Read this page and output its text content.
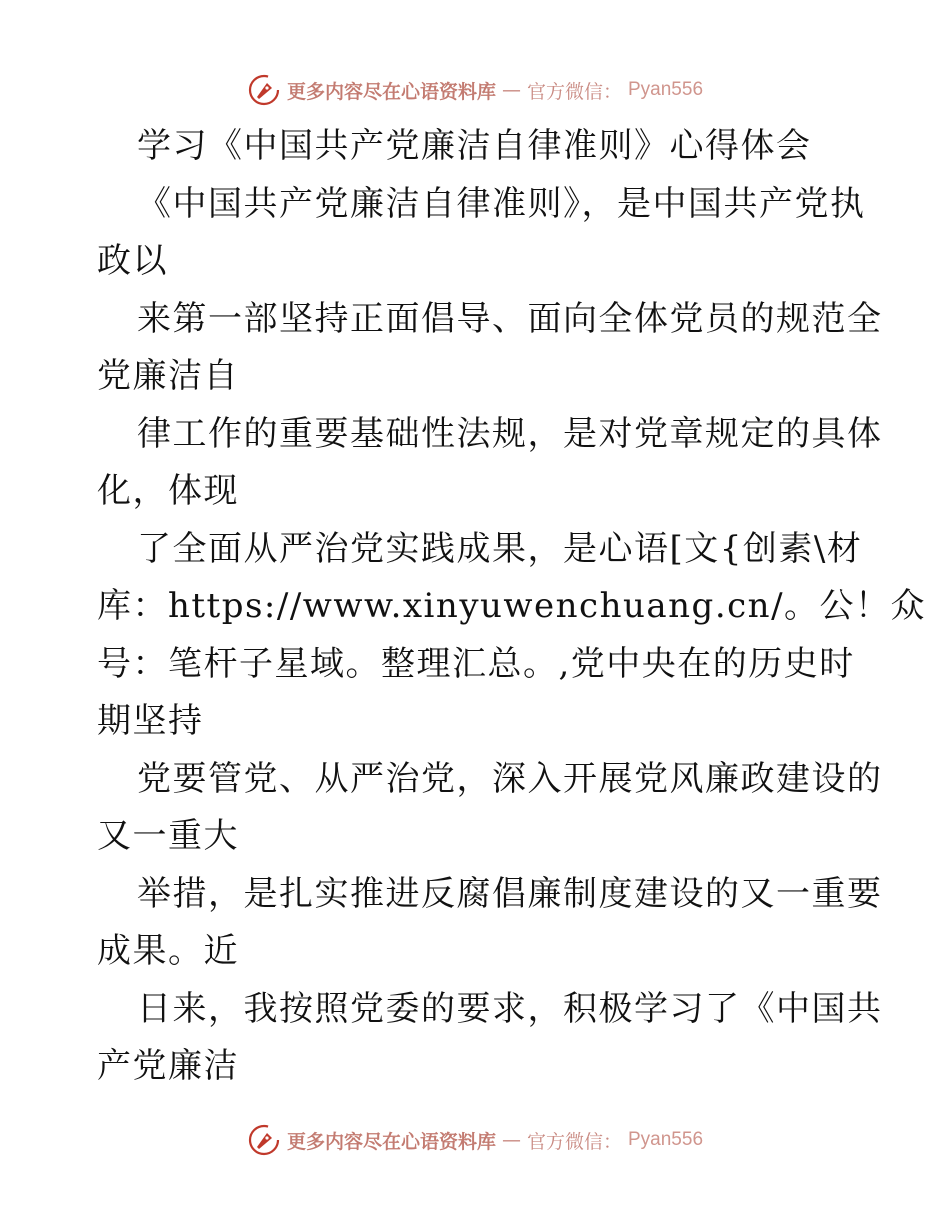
更多内容尽在心语资料库 — 官方微信： Pyan556
学习《中国共产党廉洁自律准则》心得体会
《中国共产党廉洁自律准则》，是中国共产党执
政以
来第一部坚持正面倡导、面向全体党员的规范全
党廉洁自
律工作的重要基础性法规，是对党章规定的具体
化，体现
了全面从严治党实践成果，是心语[文{创素\材
库：https://www.xinyuwenchuang.cn/。公！众
号：笔杆子星域。整理汇总。,党中央在的历史时
期坚持
党要管党、从严治党，深入开展党风廉政建设的
又一重大
举措，是扎实推进反腐倡廉制度建设的又一重要
成果。近
日来，我按照党委的要求，积极学习了《中国共
产党廉洁
更多内容尽在心语资料库 — 官方微信： Pyan556
